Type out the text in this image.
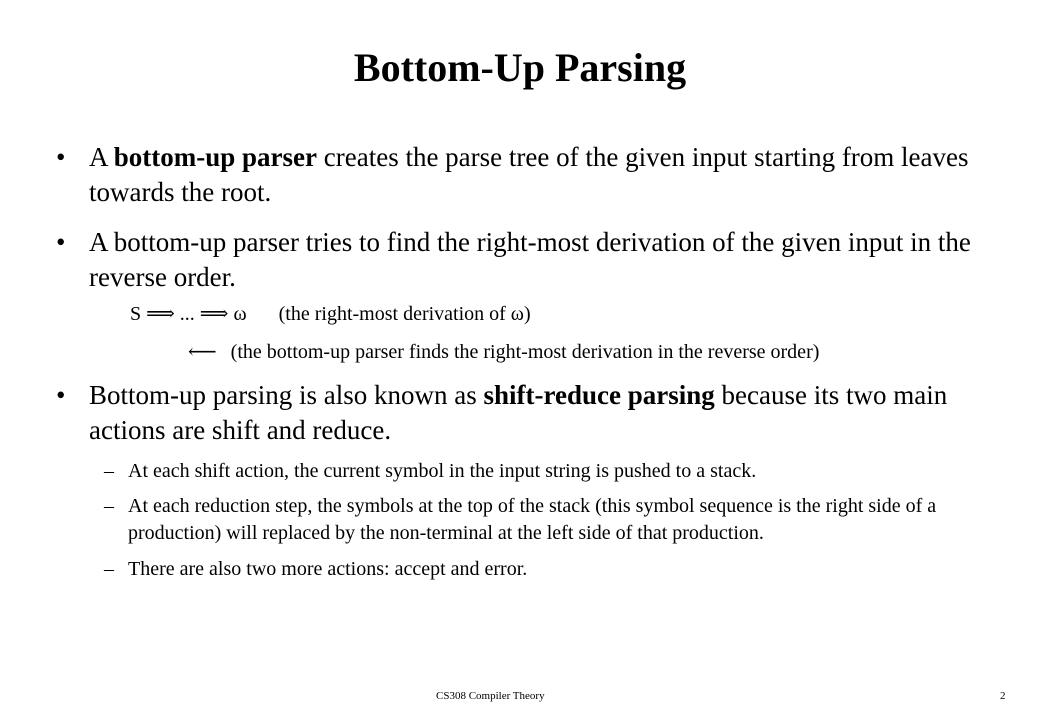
Bottom-Up Parsing
• A bottom-up parser creates the parse tree of the given input starting from leaves towards the root.
• A bottom-up parser tries to find the right-most derivation of the given input in the reverse order.
S ⟹ ... ⟹ ω (the right-most derivation of ω)
⟵ (the bottom-up parser finds the right-most derivation in the reverse order)
• Bottom-up parsing is also known as shift-reduce parsing because its two main actions are shift and reduce.
– At each shift action, the current symbol in the input string is pushed to a stack.
– At each reduction step, the symbols at the top of the stack (this symbol sequence is the right side of a production) will replaced by the non-terminal at the left side of that production.
– There are also two more actions: accept and error.
CS308 Compiler Theory	2
